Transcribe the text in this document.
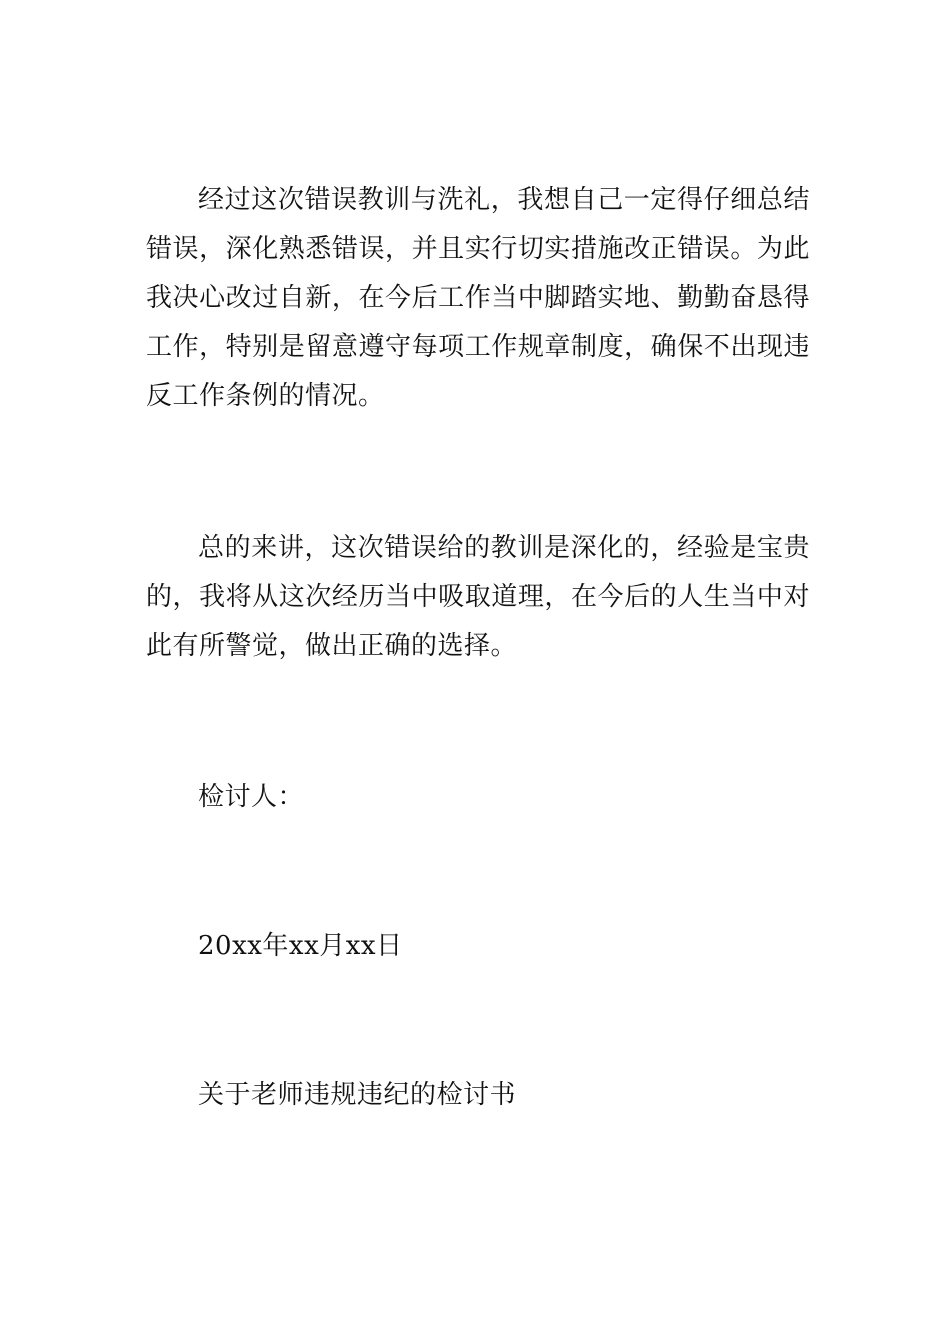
经过这次错误教训与洗礼，我想自己一定得仔细总结错误，深化熟悉错误，并且实行切实措施改正错误。为此我决心改过自新，在今后工作当中脚踏实地、勤勤奋恳得工作，特别是留意遵守每项工作规章制度，确保不出现违反工作条例的情况。

总的来讲，这次错误给的教训是深化的，经验是宝贵的，我将从这次经历当中吸取道理，在今后的人生当中对此有所警觉，做出正确的选择。

检讨人：

20xx年xx月xx日

关于老师违规违纪的检讨书
